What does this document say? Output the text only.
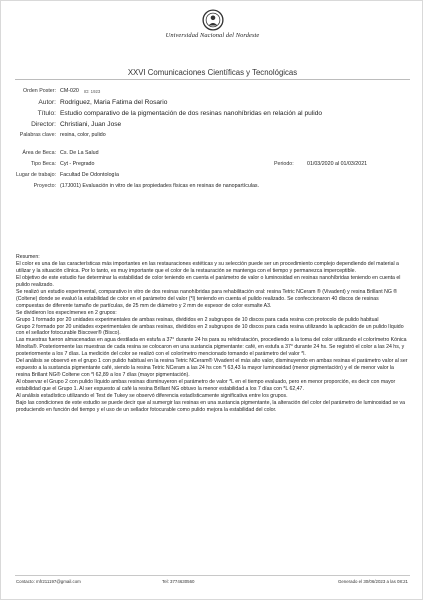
Universidad Nacional del Nordeste
XXVI Comunicaciones Científicas y Tecnológicas
Orden Poster: CM-020 ID: 1923
Autor: Rodriguez, Maria Fatima del Rosario
Título: Estudio comparativo de la pigmentación de dos resinas nanohíbridas en relación al pulido
Director: Christiani, Juan Jose
Palabras clave: resina, color, pulido
Área de Beca: Cs. De La Salud
Tipo Beca: Cyt - Pregrado	Periodo:	01/03/2020 al 01/03/2021
Lugar de trabajo: Facultad De Odontología
Proyecto: (17J001) Evaluación in vitro de las propiedades físicas en resinas de nanopartículas.

Resumen:

El color es una de las características más importantes en las restauraciones estéticas y su selección puede ser un procedimiento complejo dependiendo del material a utilizar y la situación clínica. Por lo tanto, es muy importante que el color de la restauración se mantenga con el tiempo y permanezca imperceptible.
El objetivo de este estudio fue determinar la estabilidad de color teniendo en cuenta el parámetro de valor o luminosidad en resinas nanohíbridas teniendo en cuenta el pulido realizado.
Se realizó un estudio experimental, comparativo in vitro de dos resinas nanohíbridas para rehabilitación oral: resina Tetric NCeram ® (Vivadent) y resina Brillant NG ® (Coltene) donde se evaluó la estabilidad de color en el parámetro del valor (*l) teniendo en cuenta el pulido realizado. Se confeccionaron 40 discos de resinas compuestas de diferente tamaño de partículas, de 25 mm de diámetro y 2 mm de espesor de color esmalte A3.
Se dividieron los especímenes en 2 grupos:
Grupo 1 formado por 20 unidades experimentales de ambas resinas, divididos en 2 subgrupos de 10 discos para cada resina con protocolo de pulido habitual
Grupo 2 formado por 20 unidades experimentales de ambas resinas, divididos en 2 subgrupos de 10 discos para cada resina utilizando la aplicación de un pulido líquido con el sellador fotocurable Biscover® (Bisco).
Las muestras fueron almacenadas en agua destilada en estufa a 37° durante 24 hs para su rehidratación, procediendo a la toma del color utilizando el colorímetro Kónica Minolta®. Posteriormente las muestras de cada resina se colocaron en una sustancia pigmentante: café, en estufa a 37° durante 24 hs. Se registró el color a las 24 hs, y posteriormente a los 7 días. La medición del color se realizó con el colorímetro mencionado tomando el parámetro del valor *l.
Del análisis se observó en el grupo 1 con pulido habitual en la resina Tetric NCeram® Vivadent el más alto valor, disminuyendo en ambas resinas el parámetro valor al ser expuesto a la sustancia pigmentante café, siendo la resina Tetric NCeram a las 24 hs con *l 63,43 la mayor luminosidad (menor pigmentación) y el de menor valor la resina Brillant NG® Coltene con *l 62,89 a los 7 días (mayor pigmentación).
Al observar el Grupo 2 con pulido líquido ambas resinas disminuyeron el parámetro de valor *L en el tiempo evaluado, pero en menor proporción, es decir con mayor estabilidad que el Grupo 1. Al ser expuesto al café la resina Brillant NG obtuvo la menor estabilidad a los 7 días con *L 62,47.
Al análisis estadístico utilizando el Test de Tukey se observó diferencia estadísticamente significativa entre los grupos.
Bajo las condiciones de este estudio se puede decir que al sumergir las resinas en una sustancia pigmentante, la alteración del color del parámetro de luminosidad se va produciendo en función del tiempo y el uso de un sellador fotocurable como pulido mejora la estabilidad del color.

Contacto: mfr211197@gmail.com	Tel: 3774630560	Generado el 30/06/2023 a las 08:21
